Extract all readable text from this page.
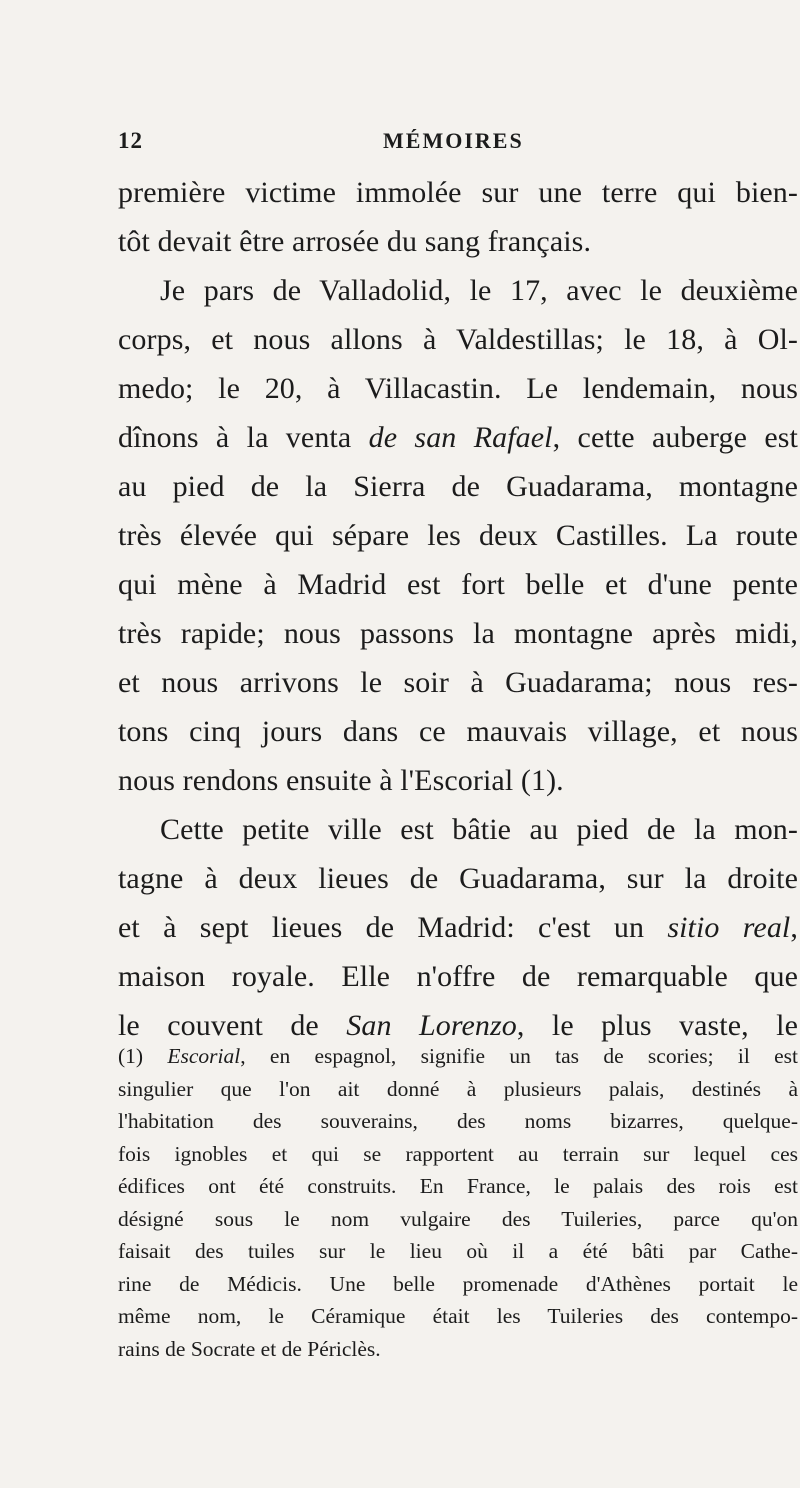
12	MÉMOIRES
première victime immolée sur une terre qui bien-
tôt devait être arrosée du sang français.
Je pars de Valladolid, le 17, avec le deuxième
corps, et nous allons à Valdestillas; le 18, à Ol-
medo; le 20, à Villacastin. Le lendemain, nous
dînons à la venta de san Rafael, cette auberge est
au pied de la Sierra de Guadarama, montagne
très élevée qui sépare les deux Castilles. La route
qui mène à Madrid est fort belle et d'une pente
très rapide; nous passons la montagne après midi,
et nous arrivons le soir à Guadarama; nous res-
tons cinq jours dans ce mauvais village, et nous
nous rendons ensuite à l'Escorial (1).
Cette petite ville est bâtie au pied de la mon-
tagne à deux lieues de Guadarama, sur la droite
et à sept lieues de Madrid: c'est un sitio real,
maison royale. Elle n'offre de remarquable que
le couvent de San Lorenzo, le plus vaste, le
(1) Escorial, en espagnol, signifie un tas de scories; il est
singulier que l'on ait donné à plusieurs palais, destinés à
l'habitation des souverains, des noms bizarres, quelque-
fois ignobles et qui se rapportent au terrain sur lequel ces
édifices ont été construits. En France, le palais des rois est
désigné sous le nom vulgaire des Tuileries, parce qu'on
faisait des tuiles sur le lieu où il a été bâti par Cathe-
rine de Médicis. Une belle promenade d'Athènes portait le
même nom, le Céramique était les Tuileries des contempo-
rains de Socrate et de Périclès.
